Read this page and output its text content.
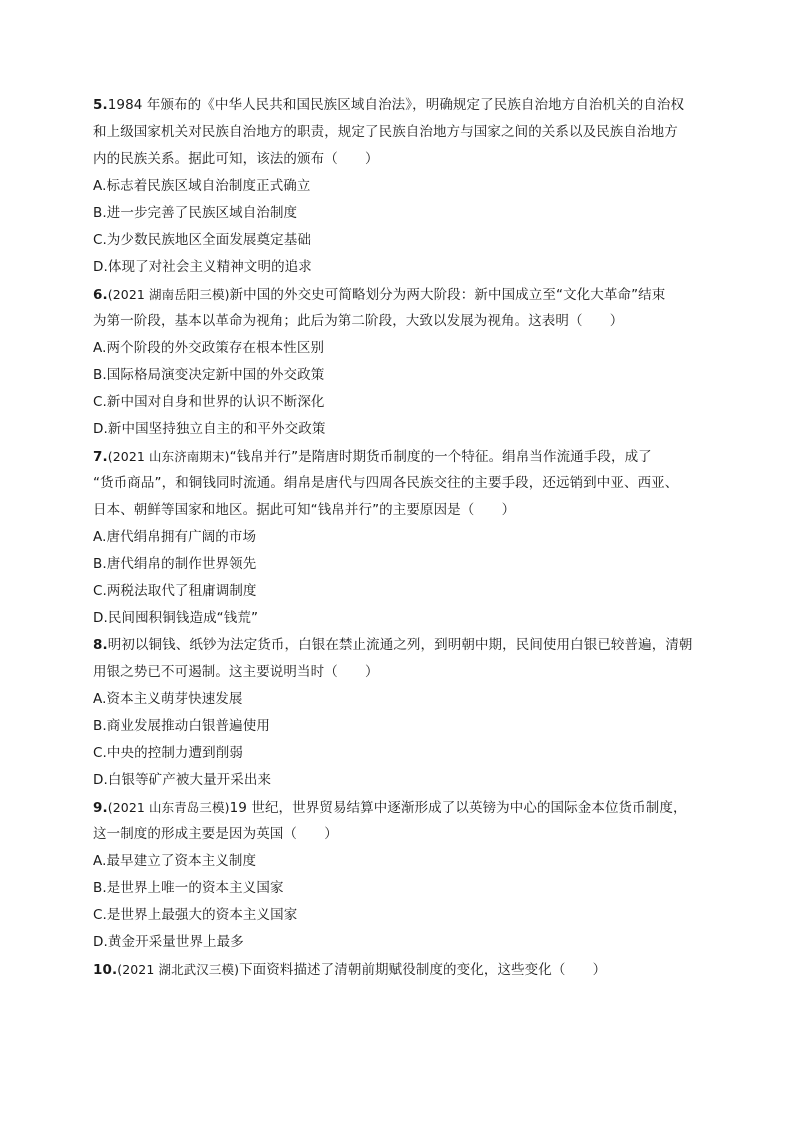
5.1984 年颁布的《中华人民共和国民族区域自治法》，明确规定了民族自治地方自治机关的自治权
和上级国家机关对民族自治地方的职责，规定了民族自治地方与国家之间的关系以及民族自治地方
内的民族关系。据此可知，该法的颁布（　　）
A.标志着民族区域自治制度正式确立
B.进一步完善了民族区域自治制度
C.为少数民族地区全面发展奠定基础
D.体现了对社会主义精神文明的追求
6.(2021 湖南岳阳三模)新中国的外交史可简略划分为两大阶段：新中国成立至“文化大革命”结束
为第一阶段，基本以革命为视角；此后为第二阶段，大致以发展为视角。这表明（　　）
A.两个阶段的外交政策存在根本性区别
B.国际格局演变决定新中国的外交政策
C.新中国对自身和世界的认识不断深化
D.新中国坚持独立自主的和平外交政策
7.(2021 山东济南期末)“钱帛并行”是隋唐时期货币制度的一个特征。绢帛当作流通手段，成了
“货币商品”，和铜钱同时流通。绢帛是唐代与四周各民族交往的主要手段，还远销到中亚、西亚、
日本、朝鲜等国家和地区。据此可知“钱帛并行”的主要原因是（　　）
A.唐代绢帛拥有广阔的市场
B.唐代绢帛的制作世界领先
C.两税法取代了租庸调制度
D.民间囤积铜钱造成“钱荒”
8.明初以铜钱、纸钞为法定货币，白银在禁止流通之列，到明朝中期，民间使用白银已较普遍，清朝
用银之势已不可遏制。这主要说明当时（　　）
A.资本主义萌芽快速发展
B.商业发展推动白银普遍使用
C.中央的控制力遭到削弱
D.白银等矿产被大量开采出来
9.(2021 山东青岛三模)19 世纪，世界贸易结算中逐渐形成了以英镑为中心的国际金本位货币制度，
这一制度的形成主要是因为英国（　　）
A.最早建立了资本主义制度
B.是世界上唯一的资本主义国家
C.是世界上最强大的资本主义国家
D.黄金开采量世界上最多
10.(2021 湖北武汉三模)下面资料描述了清朝前期赋役制度的变化，这些变化（　　）
